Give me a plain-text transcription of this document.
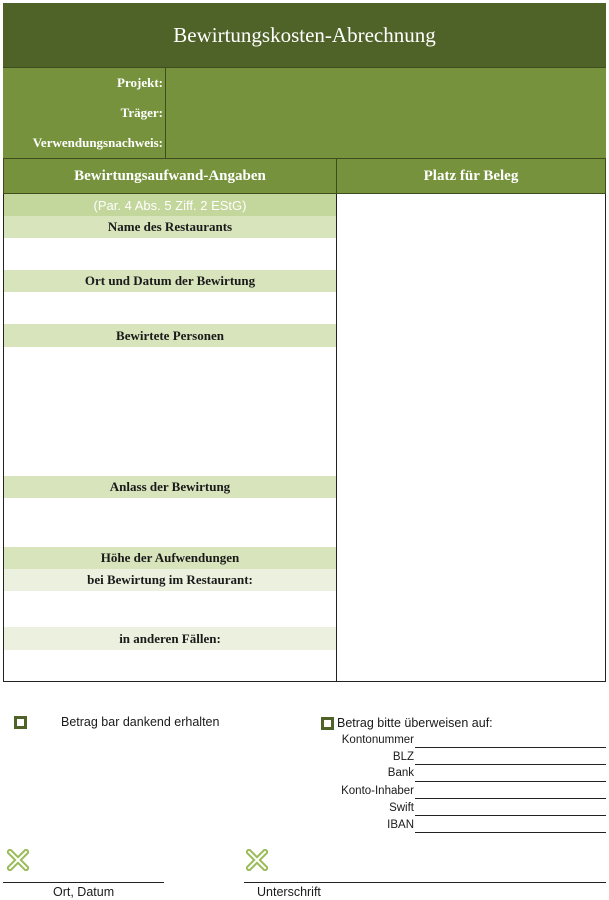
Bewirtungskosten-Abrechnung
Projekt:
Träger:
Verwendungsnachweis:
Bewirtungsaufwand-Angaben	Platz für Beleg
(Par. 4 Abs. 5 Ziff. 2 EStG)
Name des Restaurants
Ort und Datum der Bewirtung
Bewirtete Personen
Anlass der Bewirtung
Höhe der Aufwendungen
bei Bewirtung im Restaurant:
in anderen Fällen:
Betrag bar dankend erhalten	Betrag bitte überweisen auf:
Kontonummer
BLZ
Bank
Konto-Inhaber
Swift
IBAN
Ort, Datum	Unterschrift
